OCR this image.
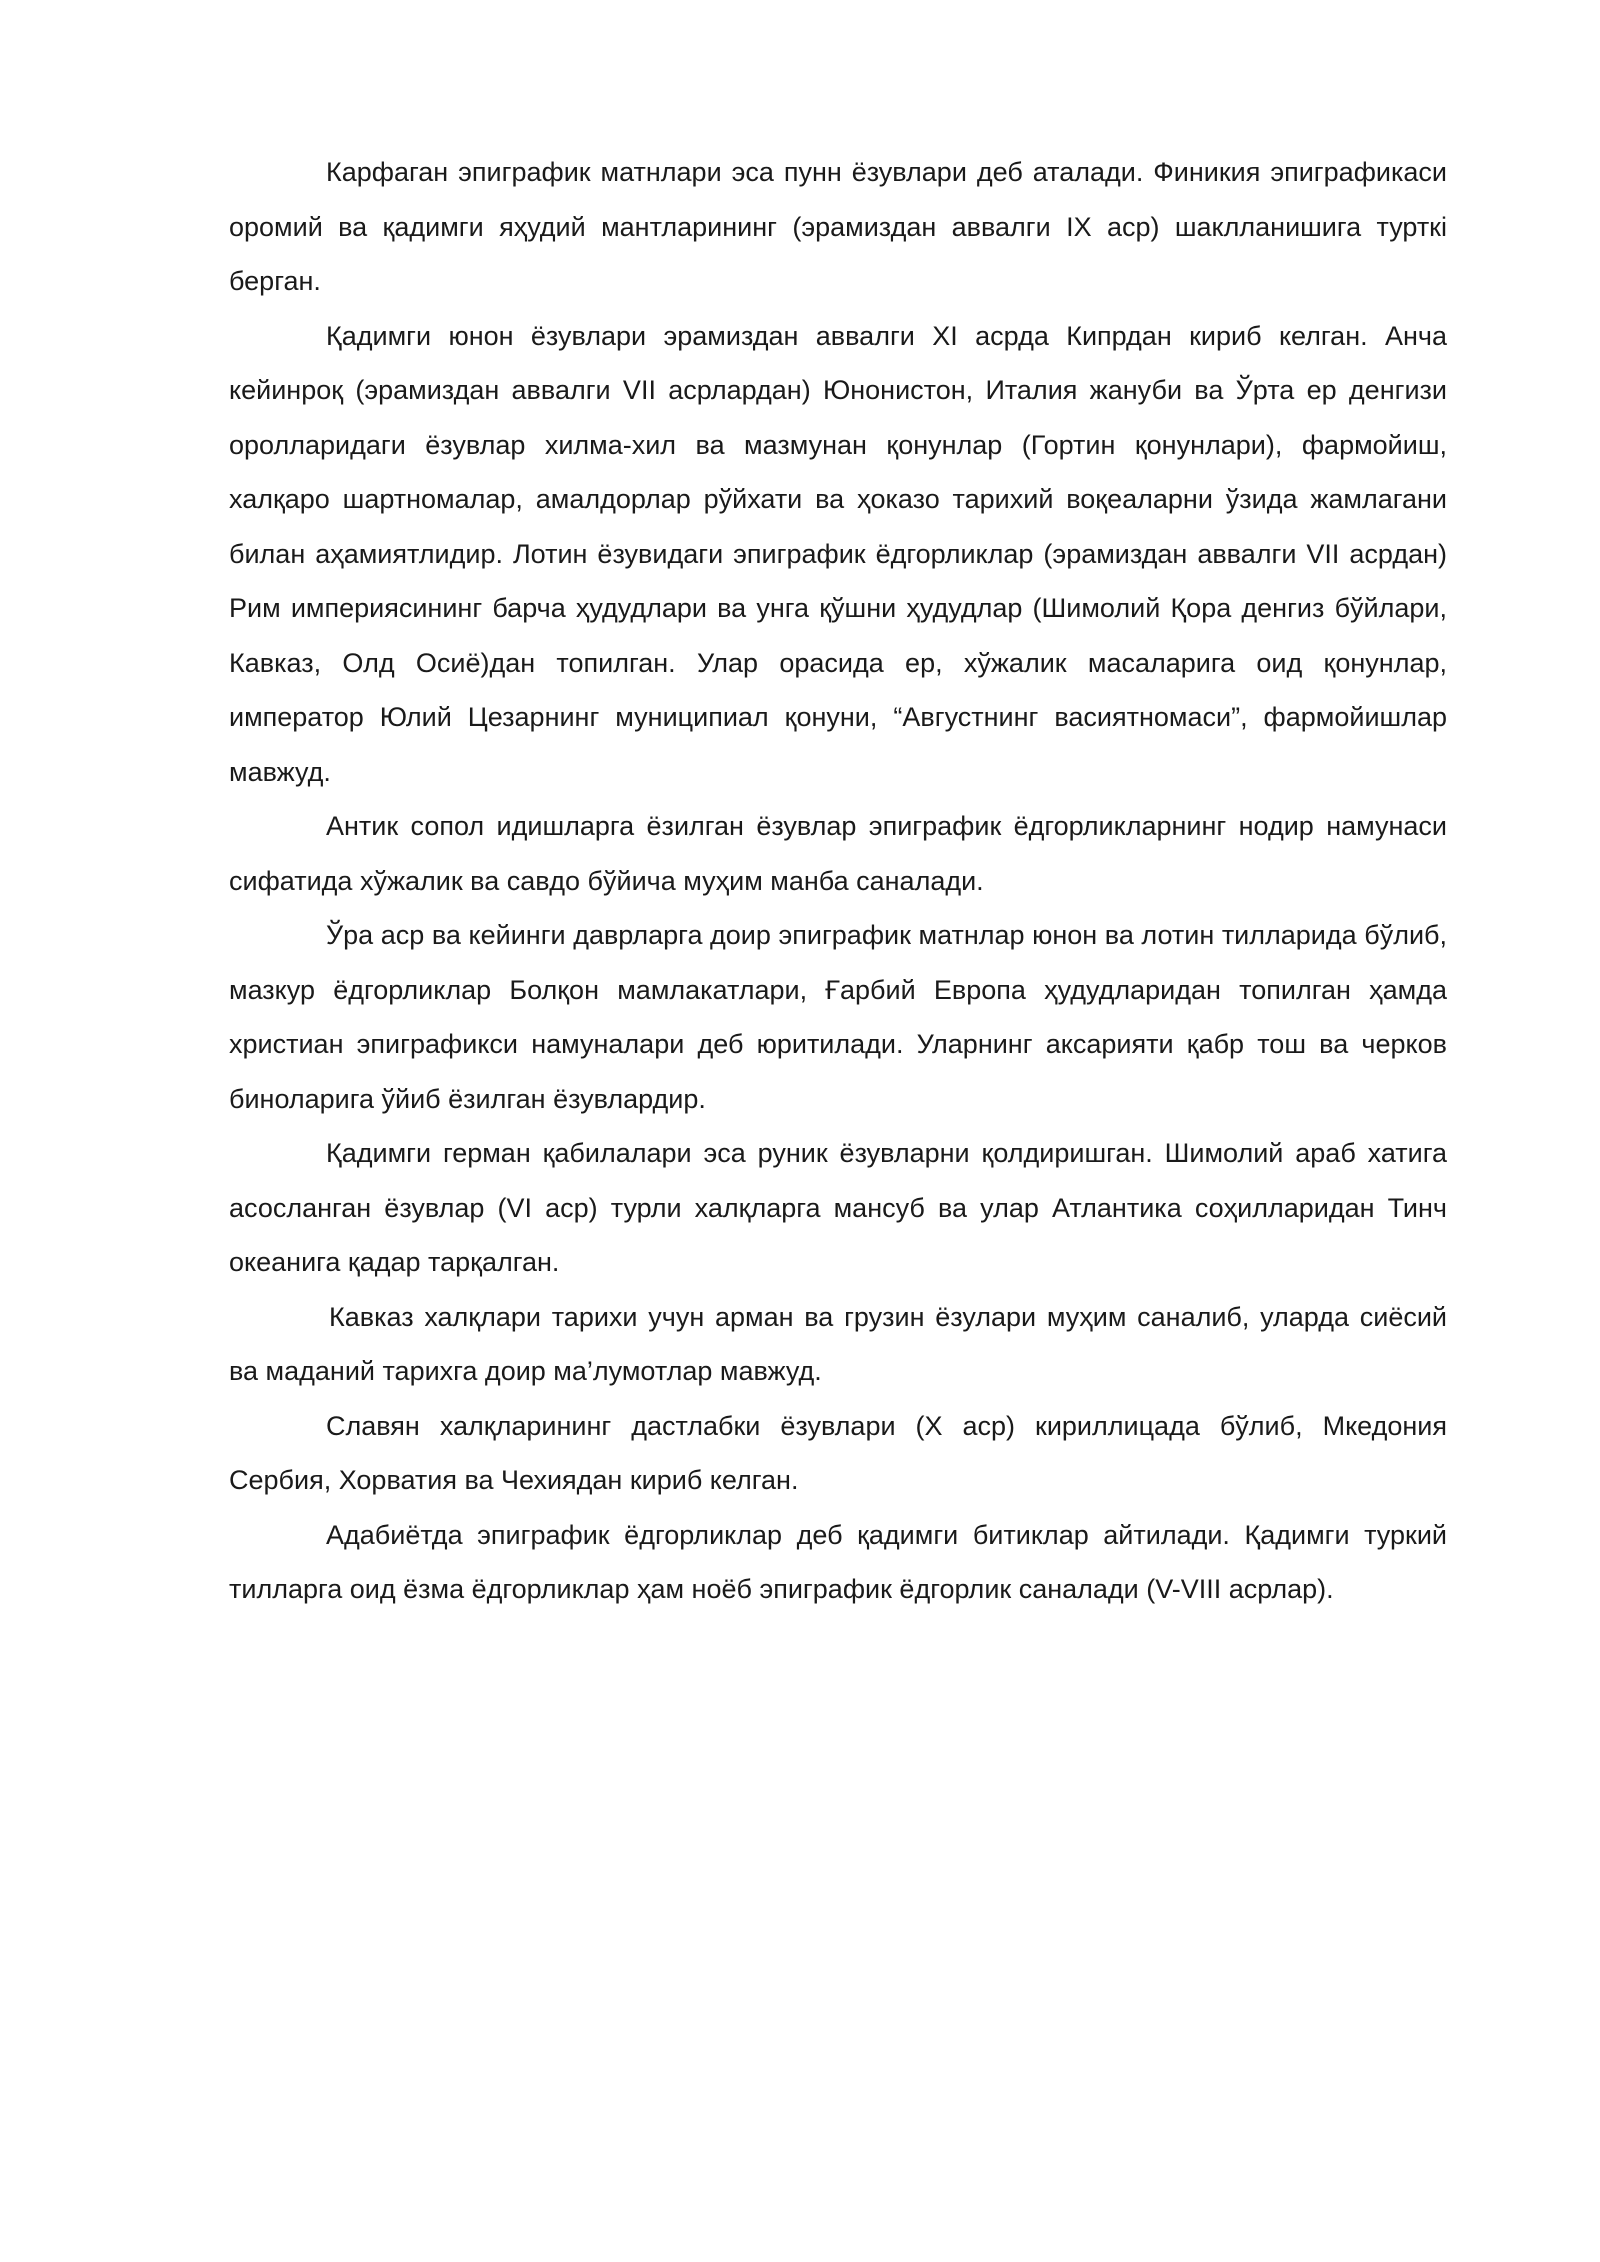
Карфаган эпиграфик матнлари эса пунн ёзувлари деб аталади. Финикия эпиграфикаси оромий ва қадимги яҳудий мантларининг (эрамиздан аввалги IX аср) шаклланишига турткi берган.

Қадимги юнон ёзувлари эрамиздан аввалги XI асрда Кипрдан кириб келган. Анча кейинроқ (эрамиздан аввалги VII асрлардан) Юнонистон, Италия жануби ва Ўрта ер денгизи оролларидаги ёзувлар хилма-хил ва мазмунан қонунлар (Гортин қонунлари), фармойиш, халқаро шартномалар, амалдорлар рўйхати ва ҳоказо тарихий воқеаларни ўзида жамлагани билан аҳамиятлидир. Лотин ёзувидаги эпиграфик ёдгорликлар (эрамиздан аввалги VII асрдан) Рим империясининг барча ҳудудлари ва унга қўшни ҳудудлар (Шимолий Қора денгиз бўйлари, Кавказ, Олд Осиё)дан топилган. Улар орасида ер, хўжалик масаларига оид қонунлар, император Юлий Цезарнинг муниципиал қонуни, “Августнинг васиятномаси”, фармойишлар мавжуд.

Антик сопол идишларга ёзилган ёзувлар эпиграфик ёдгорликларнинг нодир намунаси сифатида хўжалик ва савдо бўйича муҳим манба саналади.

Ўра аср ва кейинги даврларга доир эпиграфик матнлар юнон ва лотин тилларида бўлиб, мазкур ёдгорликлар Болқон мамлакатлари, Ғарбий Европа ҳудудларидан топилган ҳамда христиан эпиграфикси намуналари деб юритилади. Уларнинг аксарияти қабр тош ва черков биноларига ўйиб ёзилган ёзувлардир.

Қадимги герман қабилалари эса руник ёзувларни қолдиришган. Шимолий араб хатига асосланган ёзувлар (VI аср) турли халқларга мансуб ва улар Атлантика соҳилларидан Тинч океанига қадар тарқалган.

Кавказ халқлари тарихи учун арман ва грузин ёзулари муҳим саналиб, уларда сиёсий ва маданий тарихга доир ма’лумотлар мавжуд.

Славян халқларининг дастлабки ёзувлари (X аср) кириллицада бўлиб, Мкедония Сербия, Хорватия ва Чехиядан кириб келган.

Адабиётда эпиграфик ёдгорликлар деб қадимги битиклар айтилади. Қадимги туркий тилларга оид ёзма ёдгорликлар ҳам ноёб эпиграфик ёдгорлик саналади (V-VIII асрлар).
